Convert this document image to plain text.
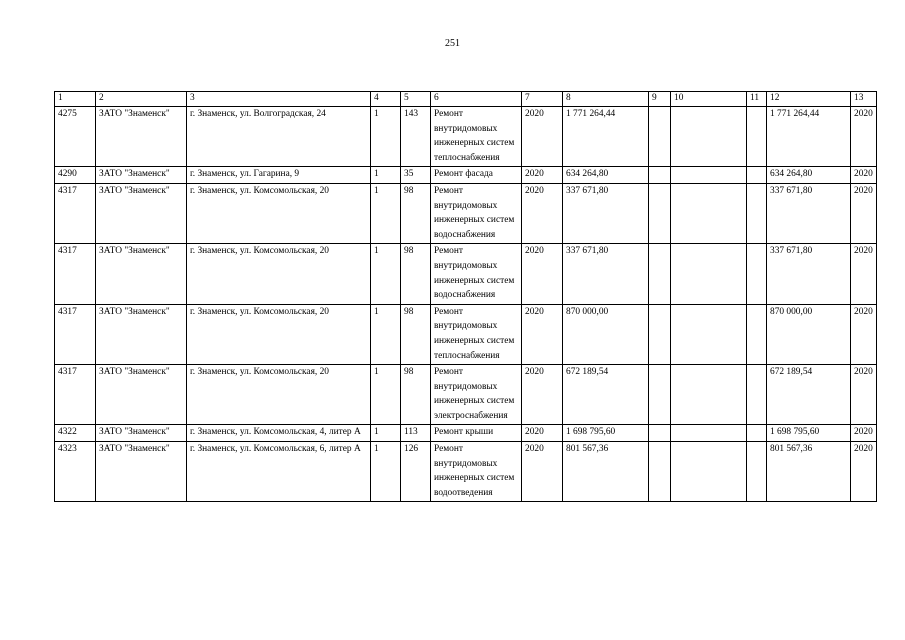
251
1	2	3	4	5	6	7	8	9	10	11	12	13
4275	ЗАТО "Знаменск"	г. Знаменск, ул. Волгоградская, 24	1	143	Ремонт внутридомовых инженерных систем теплоснабжения	2020	1 771 264,44				1 771 264,44	2020
4290	ЗАТО "Знаменск"	г. Знаменск, ул. Гагарина, 9	1	35	Ремонт фасада	2020	634 264,80				634 264,80	2020
4317	ЗАТО "Знаменск"	г. Знаменск, ул. Комсомольская, 20	1	98	Ремонт внутридомовых инженерных систем водоснабжения	2020	337 671,80				337 671,80	2020
4317	ЗАТО "Знаменск"	г. Знаменск, ул. Комсомольская, 20	1	98	Ремонт внутридомовых инженерных систем водоснабжения	2020	337 671,80				337 671,80	2020
4317	ЗАТО "Знаменск"	г. Знаменск, ул. Комсомольская, 20	1	98	Ремонт внутридомовых инженерных систем теплоснабжения	2020	870 000,00				870 000,00	2020
4317	ЗАТО "Знаменск"	г. Знаменск, ул. Комсомольская, 20	1	98	Ремонт внутридомовых инженерных систем электроснабжения	2020	672 189,54				672 189,54	2020
4322	ЗАТО "Знаменск"	г. Знаменск, ул. Комсомольская, 4, литер А	1	113	Ремонт крыши	2020	1 698 795,60				1 698 795,60	2020
4323	ЗАТО "Знаменск"	г. Знаменск, ул. Комсомольская, 6, литер А	1	126	Ремонт внутридомовых инженерных систем водоотведения	2020	801 567,36				801 567,36	2020
